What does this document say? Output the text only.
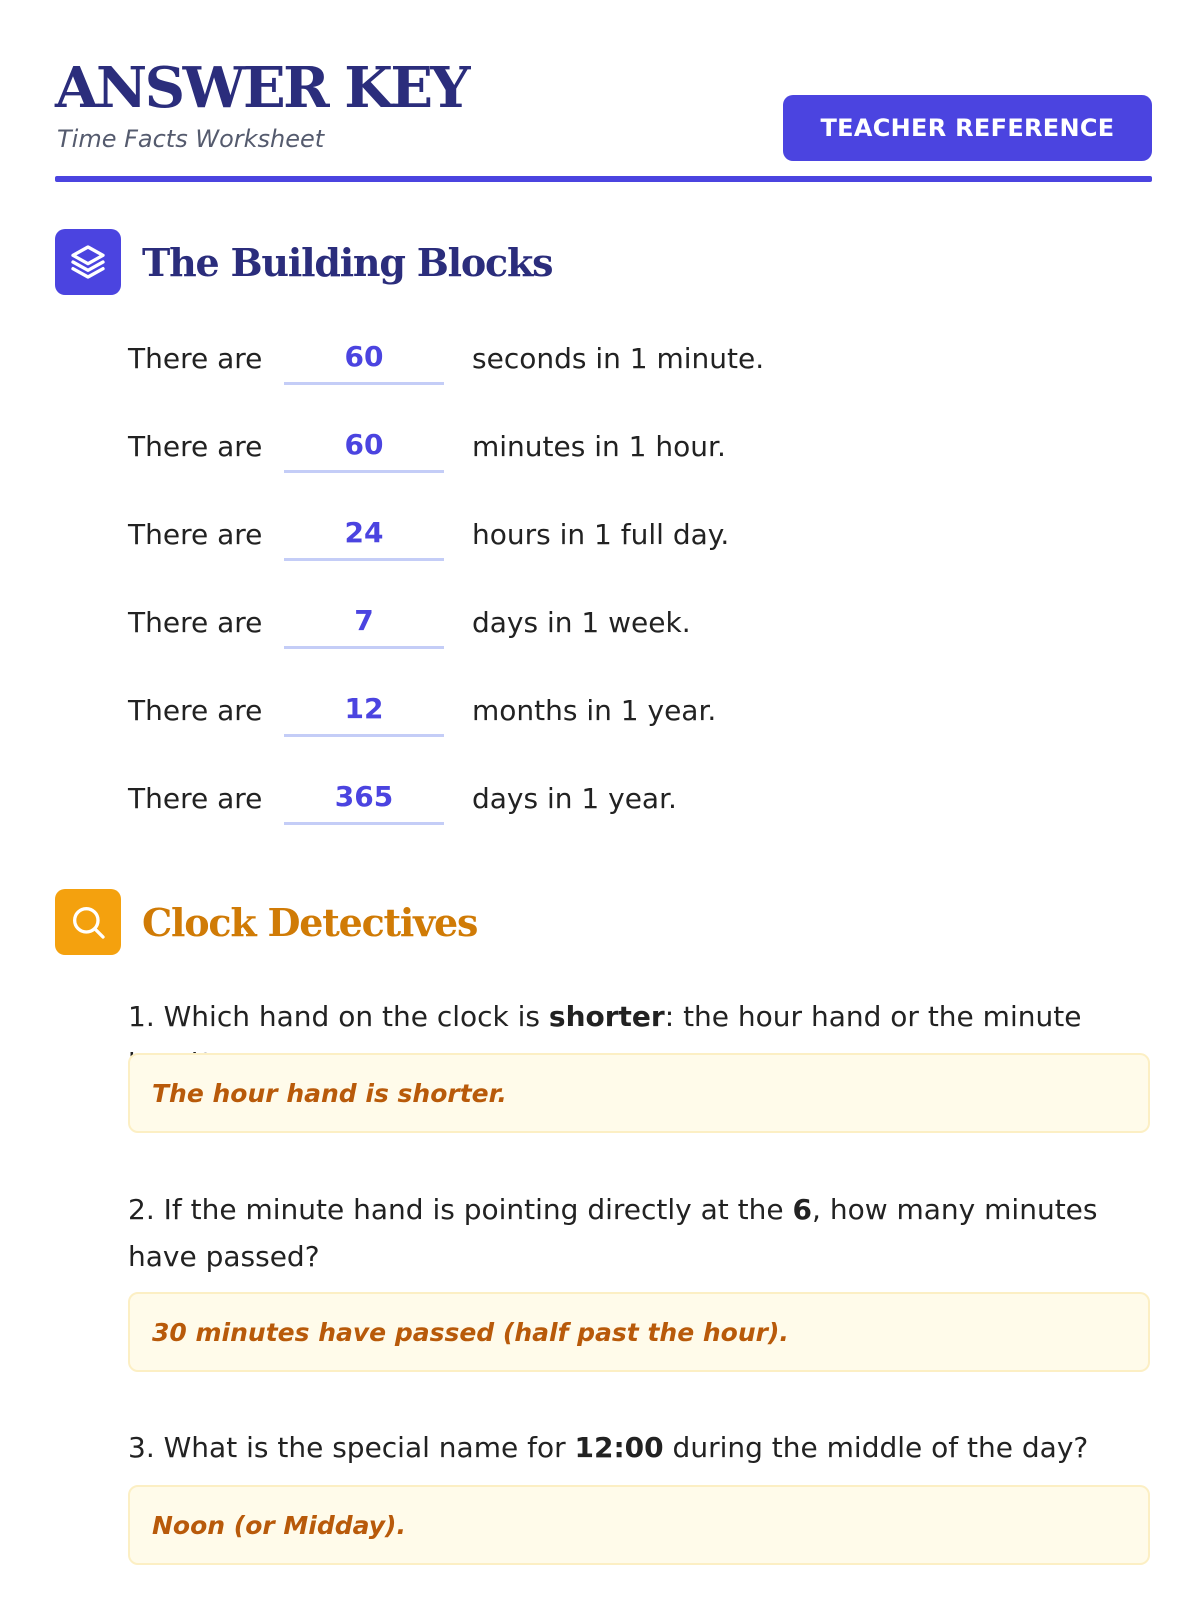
ANSWER KEY
Time Facts Worksheet	TEACHER REFERENCE
The Building Blocks
There are	60	seconds in 1 minute.
There are	60	minutes in 1 hour.
There are	24	hours in 1 full day.
There are	7	days in 1 week.
There are	12	months in 1 year.
There are	365	days in 1 year.
Clock Detectives
1. Which hand on the clock is shorter: the hour hand or the minute
The hour hand is shorter.
2. If the minute hand is pointing directly at the 6, how many minutes have passed?
30 minutes have passed (half past the hour).
3. What is the special name for 12:00 during the middle of the day?
Noon (or Midday).
